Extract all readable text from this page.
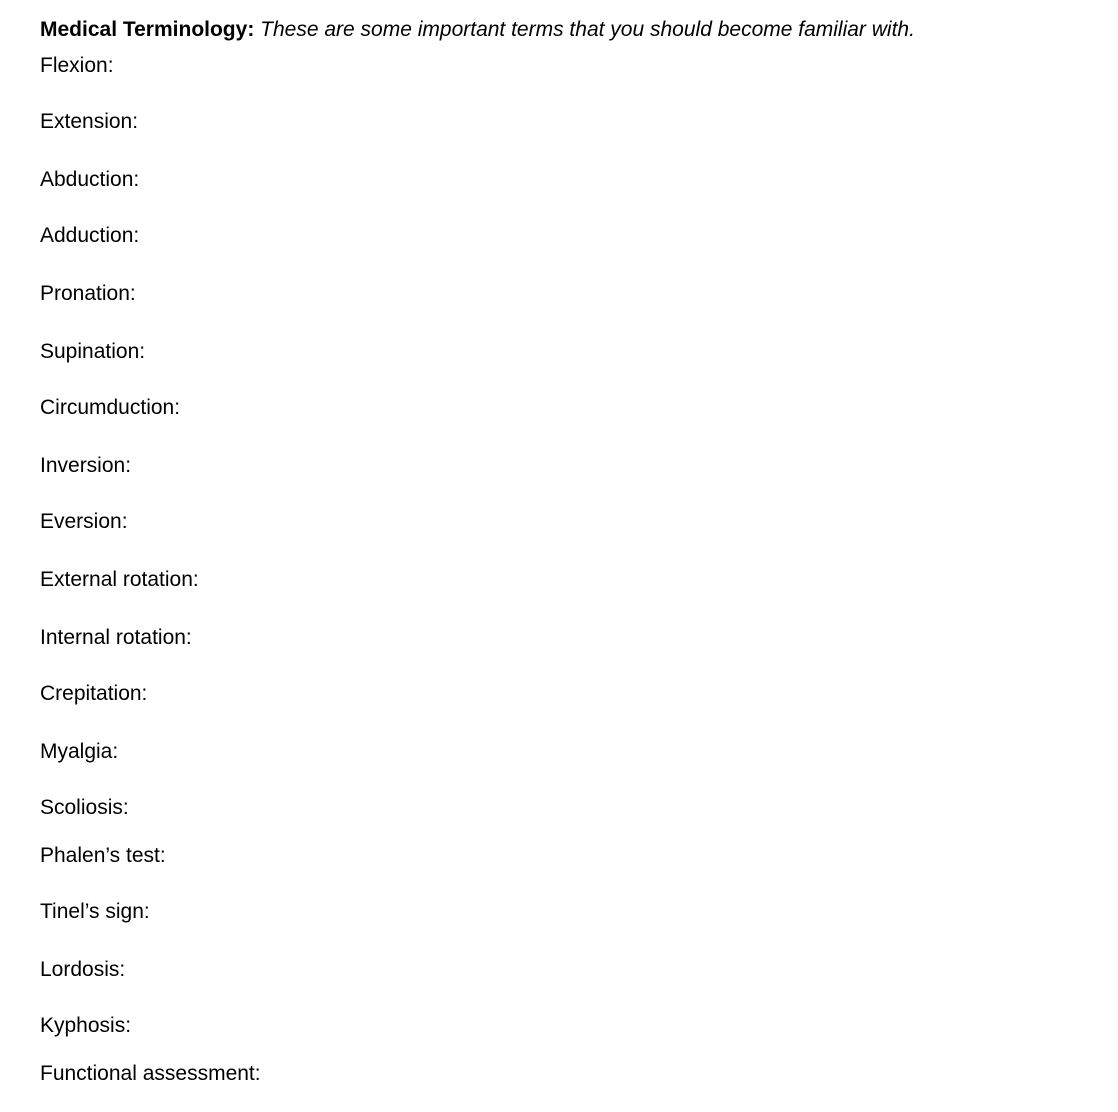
Medical Terminology: These are some important terms that you should become familiar with.
Flexion:
Extension:
Abduction:
Adduction:
Pronation:
Supination:
Circumduction:
Inversion:
Eversion:
External rotation:
Internal rotation:
Crepitation:
Myalgia:
Scoliosis:
Phalen’s test:
Tinel’s sign:
Lordosis:
Kyphosis:
Functional assessment:
